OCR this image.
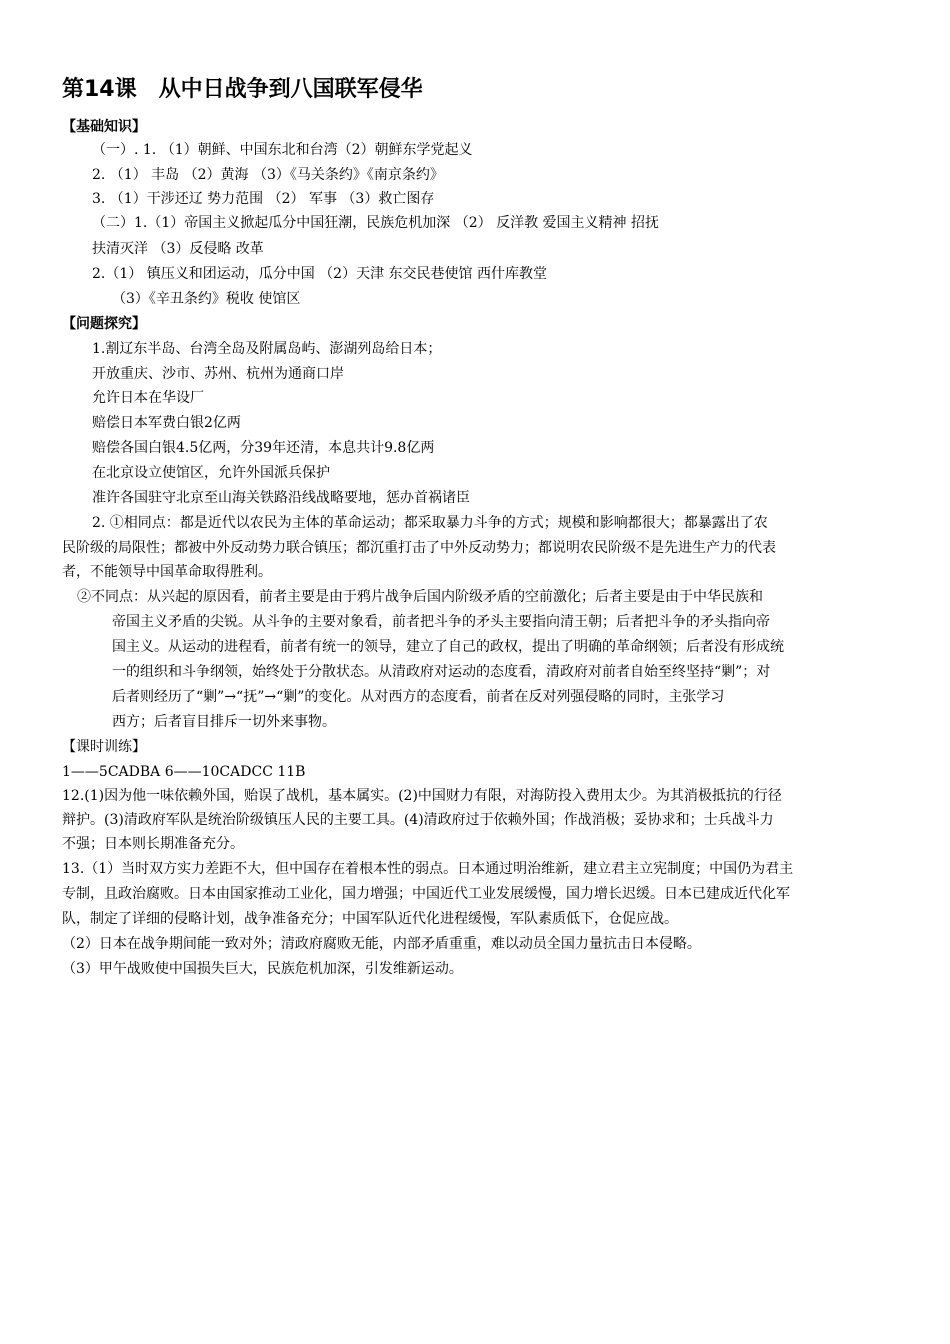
第14课　从中日战争到八国联军侵华
【基础知识】
（一）. 1. （1）朝鲜、中国东北和台湾（2）朝鲜东学党起义
2. （1） 丰岛 （2）黄海 （3）《马关条约》《南京条约》
3. （1）干涉还辽 势力范围 （2） 军事 （3）救亡图存
（二）1.（1）帝国主义掀起瓜分中国狂潮，民族危机加深 （2） 反洋教 爱国主义精神 招抚
扶清灭洋 （3）反侵略 改革
2.（1） 镇压义和团运动，瓜分中国 （2）天津 东交民巷使馆 西什库教堂
（3）《辛丑条约》税收 使馆区
【问题探究】
1.割辽东半岛、台湾全岛及附属岛屿、澎湖列岛给日本；
开放重庆、沙市、苏州、杭州为通商口岸
允许日本在华设厂
赔偿日本军费白银2亿两
赔偿各国白银4.5亿两，分39年还清，本息共计9.8亿两
在北京设立使馆区，允许外国派兵保护
准许各国驻守北京至山海关铁路沿线战略要地，惩办首祸诸臣
2. ①相同点：都是近代以农民为主体的革命运动；都采取暴力斗争的方式；规模和影响都很大；都暴露出了农
民阶级的局限性；都被中外反动势力联合镇压；都沉重打击了中外反动势力；都说明农民阶级不是先进生产力的代表
者，不能领导中国革命取得胜利。
②不同点：从兴起的原因看，前者主要是由于鸦片战争后国内阶级矛盾的空前激化；后者主要是由于中华民族和
帝国主义矛盾的尖锐。从斗争的主要对象看，前者把斗争的矛头主要指向清王朝；后者把斗争的矛头指向帝
国主义。从运动的进程看，前者有统一的领导，建立了自己的政权，提出了明确的革命纲领；后者没有形成统
一的组织和斗争纲领，始终处于分散状态。从清政府对运动的态度看，清政府对前者自始至终坚持“剿”；对
后者则经历了“剿”→“抚”→“剿”的变化。从对西方的态度看，前者在反对列强侵略的同时，主张学习
西方；后者盲目排斥一切外来事物。
【课时训练】
1——5CADBA 6——10CADCC 11B
12.(1)因为他一味依赖外国，贻误了战机，基本属实。(2)中国财力有限，对海防投入费用太少。为其消极抵抗的行径
辩护。(3)清政府军队是统治阶级镇压人民的主要工具。(4)清政府过于依赖外国；作战消极；妥协求和；士兵战斗力
不强；日本则长期准备充分。
13.（1）当时双方实力差距不大，但中国存在着根本性的弱点。日本通过明治维新，建立君主立宪制度；中国仍为君主
专制，且政治腐败。日本由国家推动工业化，国力增强；中国近代工业发展缓慢，国力增长迟缓。日本已建成近代化军
队，制定了详细的侵略计划，战争准备充分；中国军队近代化进程缓慢，军队素质低下，仓促应战。
（2）日本在战争期间能一致对外；清政府腐败无能，内部矛盾重重，难以动员全国力量抗击日本侵略。
（3）甲午战败使中国损失巨大，民族危机加深，引发维新运动。
